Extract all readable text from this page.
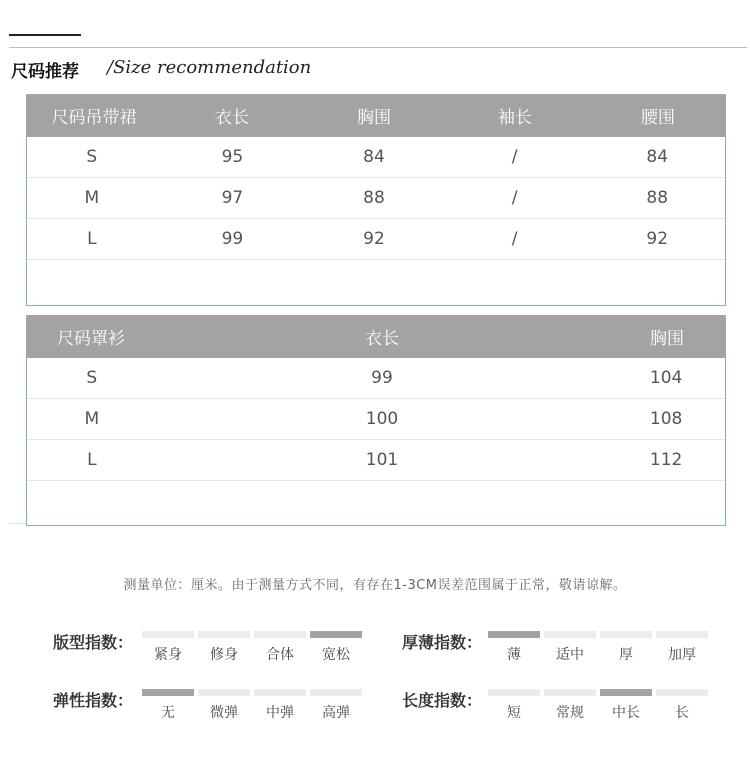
尺码推荐 /Size recommendation
尺码吊带裙	衣长	胸围	袖长	腰围
S	95	84	/	84
M	97	88	/	88
L	99	92	/	92
尺码罩衫	衣长	胸围
S	99	104
M	100	108
L	101	112
测量单位：厘米。由于测量方式不同，有存在1-3CM误差范围属于正常，敬请谅解。
版型指数：
紧身	修身	合体	宽松
厚薄指数：
薄	适中	厚	加厚
弹性指数：
无	微弹	中弹	高弹
长度指数：
短	常规	中长	长
